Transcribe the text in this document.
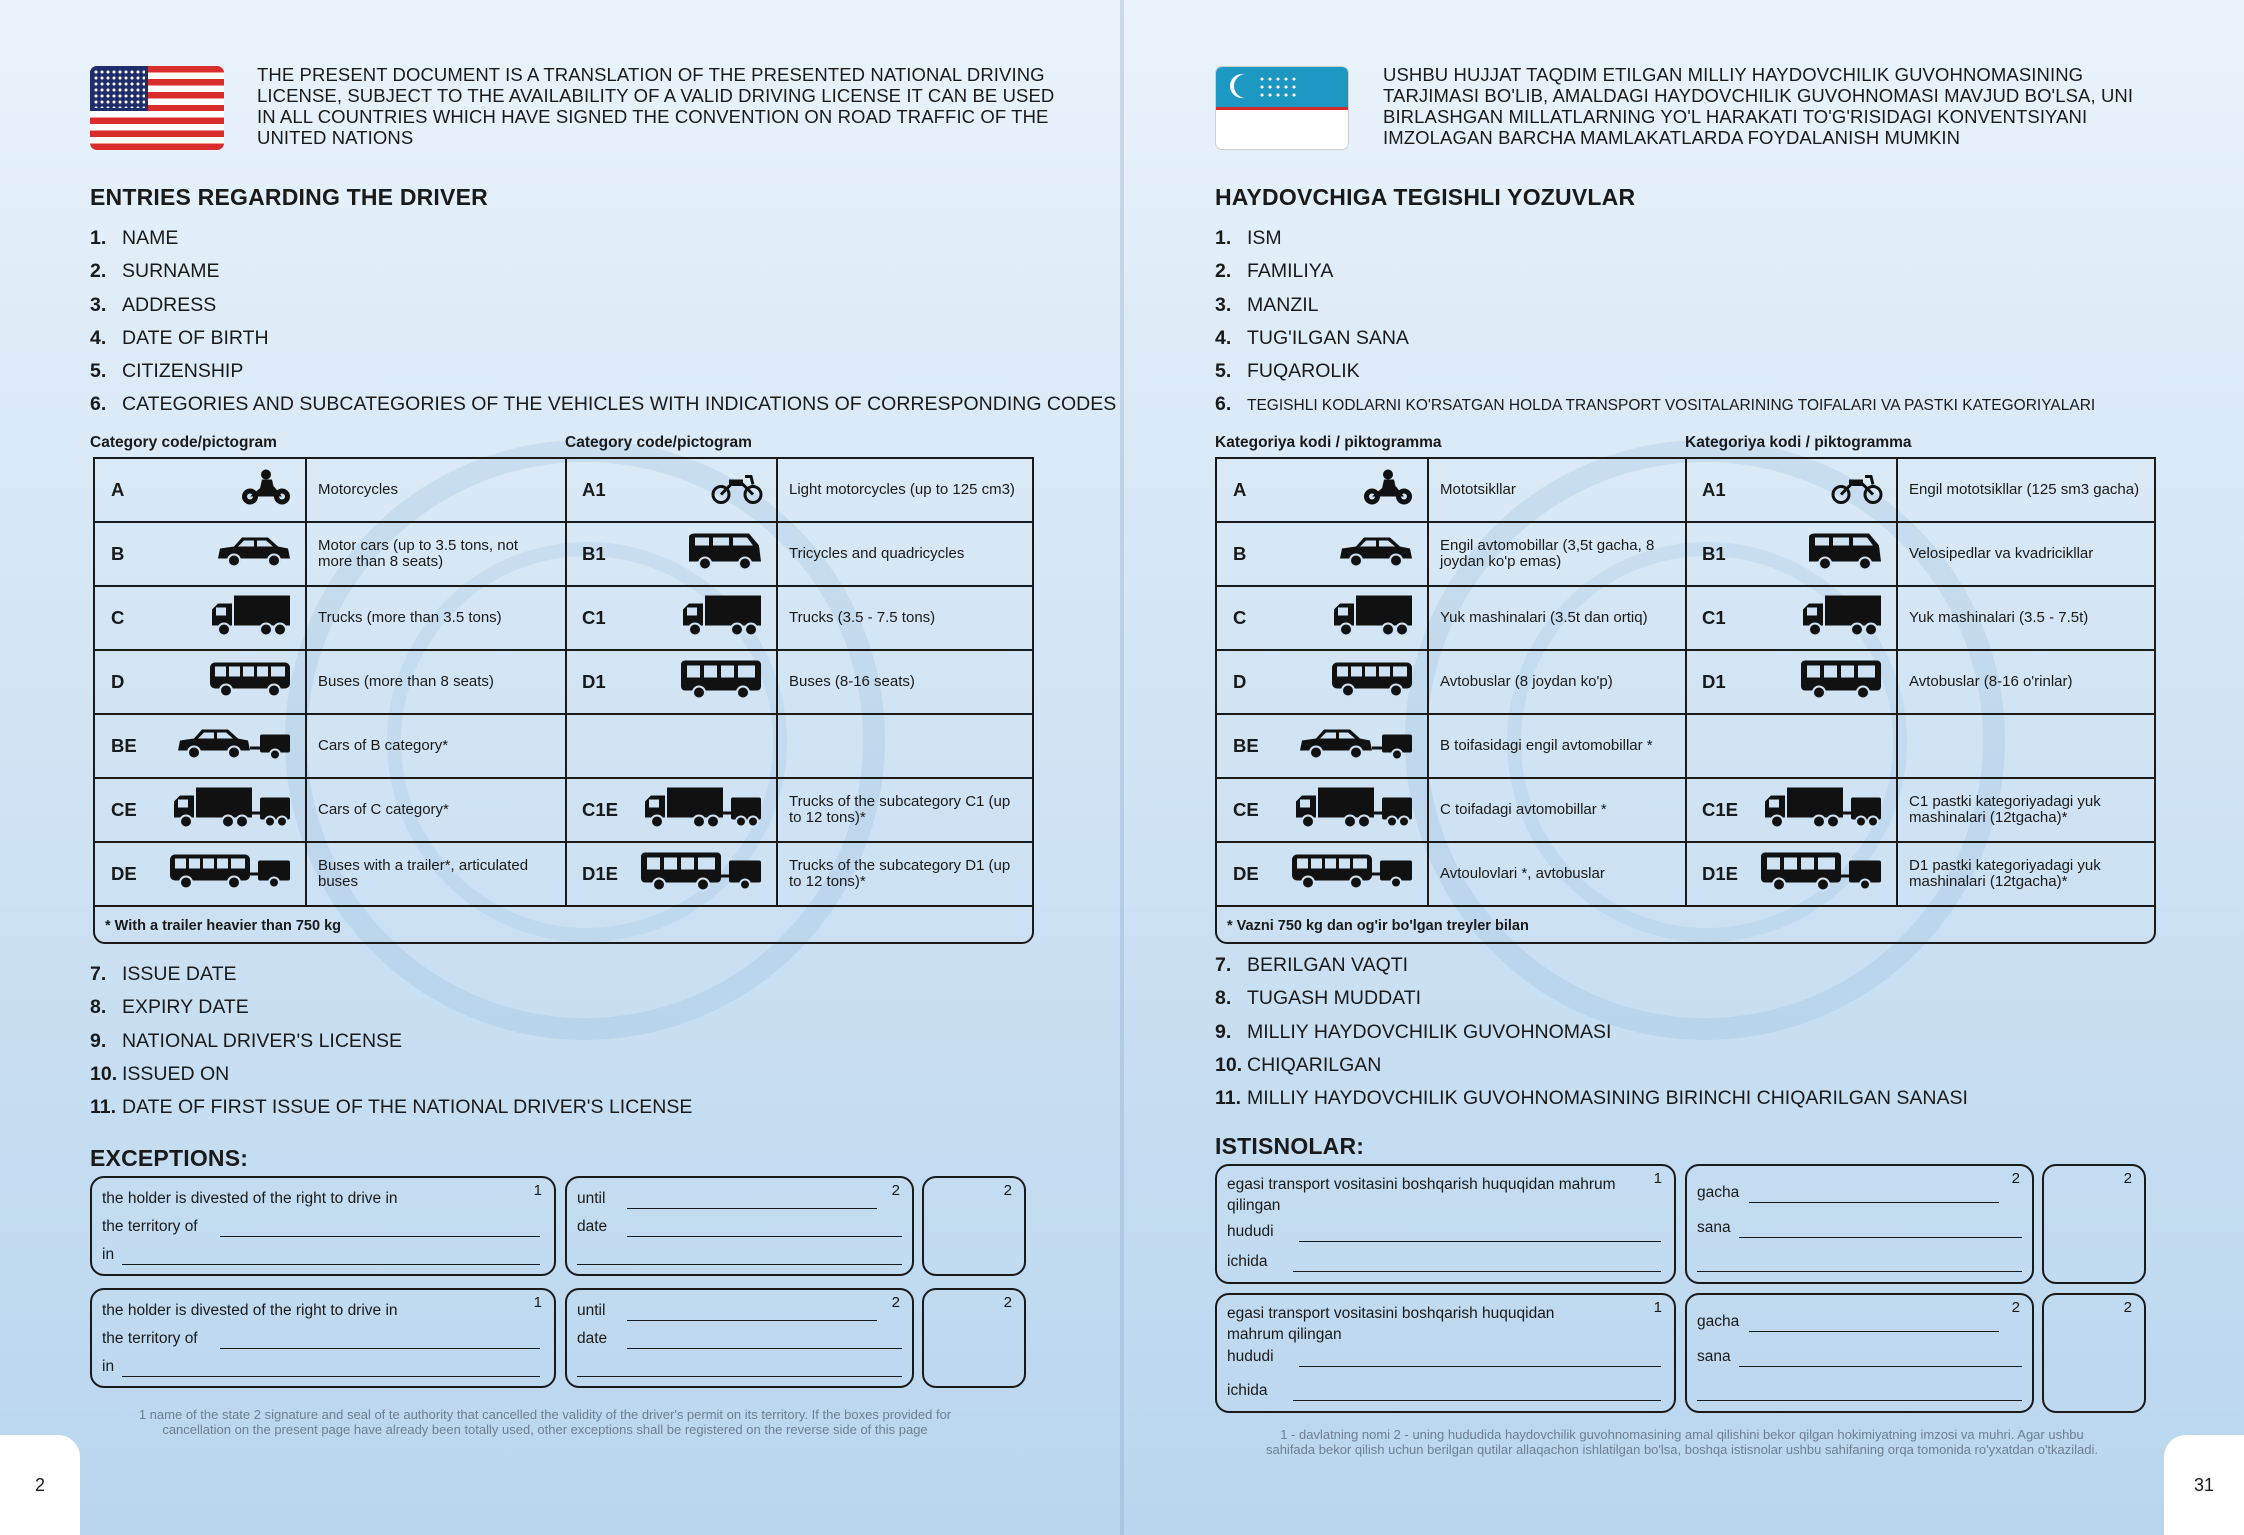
THE PRESENT DOCUMENT IS A TRANSLATION OF THE PRESENTED NATIONAL DRIVING LICENSE, SUBJECT TO THE AVAILABILITY OF A VALID DRIVING LICENSE IT CAN BE USED IN ALL COUNTRIES WHICH HAVE SIGNED THE CONVENTION ON ROAD TRAFFIC OF THE UNITED NATIONS
ENTRIES REGARDING THE DRIVER
1. NAME
2. SURNAME
3. ADDRESS
4. DATE OF BIRTH
5. CITIZENSHIP
6. CATEGORIES AND SUBCATEGORIES OF THE VEHICLES WITH INDICATIONS OF CORRESPONDING CODES
Category code/pictogram	Category code/pictogram
A	Motorcycles	A1	Light motorcycles (up to 125 cm3)
B	Motor cars (up to 3.5 tons, not more than 8 seats)	B1	Tricycles and quadricycles
C	Trucks (more than 3.5 tons)	C1	Trucks (3.5 - 7.5 tons)
D	Buses (more than 8 seats)	D1	Buses (8-16 seats)
BE	Cars of B category*
CE	Cars of C category*	C1E	Trucks of the subcategory C1 (up to 12 tons)*
DE	Buses with a trailer*, articulated buses	D1E	Trucks of the subcategory D1 (up to 12 tons)*
* With a trailer heavier than 750 kg
7. ISSUE DATE
8. EXPIRY DATE
9. NATIONAL DRIVER'S LICENSE
10. ISSUED ON
11. DATE OF FIRST ISSUE OF THE NATIONAL DRIVER'S LICENSE
EXCEPTIONS:
1
the holder is divested of the right to drive in
the territory of
in
2
until
date
2
1
the holder is divested of the right to drive in
the territory of
in
2
until
date
2
1 name of the state 2 signature and seal of te authority that cancelled the validity of the driver's permit on its territory. If the boxes provided for cancellation on the present page have already been totally used, other exceptions shall be registered on the reverse side of this page
2
USHBU HUJJAT TAQDIM ETILGAN MILLIY HAYDOVCHILIK GUVOHNOMASINING TARJIMASI BO'LIB, AMALDAGI HAYDOVCHILIK GUVOHNOMASI MAVJUD BO'LSA, UNI BIRLASHGAN MILLATLARNING YO'L HARAKATI TO'G'RISIDAGI KONVENTSIYANI IMZOLAGAN BARCHA MAMLAKATLARDA FOYDALANISH MUMKIN
HAYDOVCHIGA TEGISHLI YOZUVLAR
1. ISM
2. FAMILIYA
3. MANZIL
4. TUG'ILGAN SANA
5. FUQAROLIK
6. TEGISHLI KODLARNI KO'RSATGAN HOLDA TRANSPORT VOSITALARINING TOIFALARI VA PASTKI KATEGORIYALARI
Kategoriya kodi / piktogramma	Kategoriya kodi / piktogramma
A	Mototsikllar	A1	Engil mototsikllar (125 sm3 gacha)
B	Engil avtomobillar (3,5t gacha, 8 joydan ko'p emas)	B1	Velosipedlar va kvadricikllar
C	Yuk mashinalari (3.5t dan ortiq)	C1	Yuk mashinalari (3.5 - 7.5t)
D	Avtobuslar (8 joydan ko'p)	D1	Avtobuslar (8-16 o'rinlar)
BE	B toifasidagi engil avtomobillar *
CE	C toifadagi avtomobillar *	C1E	C1 pastki kategoriyadagi yuk mashinalari (12tgacha)*
DE	Avtoulovlari *, avtobuslar	D1E	D1 pastki kategoriyadagi yuk mashinalari (12tgacha)*
* Vazni 750 kg dan og'ir bo'lgan treyler bilan
7. BERILGAN VAQTI
8. TUGASH MUDDATI
9. MILLIY HAYDOVCHILIK GUVOHNOMASI
10. CHIQARILGAN
11. MILLIY HAYDOVCHILIK GUVOHNOMASINING BIRINCHI CHIQARILGAN SANASI
ISTISNOLAR:
1
egasi transport vositasini boshqarish huquqidan mahrum
qilingan
hududi
ichida
2
gacha
sana
2
1
egasi transport vositasini boshqarish huquqidan
mahrum qilingan
hududi
ichida
2
gacha
sana
2
1 - davlatning nomi 2 - uning hududida haydovchilik guvohnomasining amal qilishini bekor qilgan hokimiyatning imzosi va muhri. Agar ushbu sahifada bekor qilish uchun berilgan qutilar allaqachon ishlatilgan bo'lsa, boshqa istisnolar ushbu sahifaning orqa tomonida ro'yxatdan o'tkaziladi.
31
